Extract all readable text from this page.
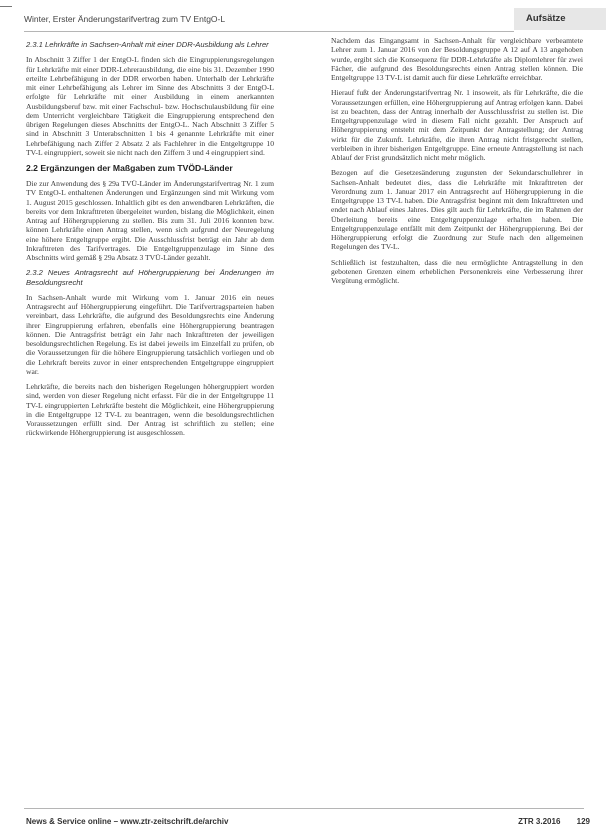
Winter, Erster Änderungstarifvertrag zum TV EntgO-L	Aufsätze
2.3.1 Lehrkräfte in Sachsen-Anhalt mit einer DDR-Ausbildung als Lehrer

In Abschnitt 3 Ziffer 1 der EntgO-L finden sich die Eingruppierungsregelungen für Lehrkräfte mit einer DDR-Lehrerausbildung, die eine bis 31. Dezember 1990 erteilte Lehrbefähigung in der DDR erworben haben. Unterhalb der Lehrkräfte mit einer Lehrbefähigung als Lehrer im Sinne des Abschnitts 3 der EntgO-L erfolgte für Lehrkräfte mit einer Ausbildung in einem anerkannten Ausbildungsberuf bzw. mit einer Fachschul- bzw. Hochschulausbildung für eine dem Unterricht vergleichbare Tätigkeit die Eingruppierung entsprechend den übrigen Regelungen dieses Abschnitts der EntgO-L. Nach Abschnitt 3 Ziffer 5 sind in Abschnitt 3 Unterabschnitten 1 bis 4 genannte Lehrkräfte mit einer Lehrbefähigung nach Ziffer 2 Absatz 2 als Fachlehrer in die Entgeltgruppe 10 TV-L eingruppiert, soweit sie nicht nach den Ziffern 3 und 4 eingruppiert sind.

2.2 Ergänzungen der Maßgaben zum TVÖD-Länder

Die zur Anwendung des § 29a TVÜ-Länder im Änderungstarifvertrag Nr. 1 zum TV EntgO-L enthaltenen Änderungen und Ergänzungen sind mit Wirkung vom 1. August 2015 geschlossen. Inhaltlich gibt es den anwendbaren Lehrkräften, die bereits vor dem Inkrafttreten übergeleitet wurden, bislang die Möglichkeit, einen Antrag auf Höhergruppierung zu stellen. Bis zum 31. Juli 2016 konnten bzw. können Lehrkräfte einen Antrag stellen, wenn sich aufgrund der Neuregelung eine höhere Entgeltgruppe ergibt. Die Ausschlussfrist beträgt ein Jahr ab dem Inkrafttreten des Tarifvertrages. Die Entgeltgruppenzulage im Sinne des Abschnitts wird gemäß § 29a Absatz 3 TVÜ-Länder gezahlt.

2.3.2 Neues Antragsrecht auf Höhergruppierung bei Änderungen im Besoldungsrecht

In Sachsen-Anhalt wurde mit Wirkung vom 1. Januar 2016 ein neues Antragsrecht auf Höhergruppierung eingeführt. Die Tarifvertragsparteien haben vereinbart, dass Lehrkräfte, die aufgrund des Besoldungsrechts eine Änderung ihrer Eingruppierung erfahren, ebenfalls eine Höhergruppierung beantragen können. Die Antragsfrist beträgt ein Jahr nach Inkrafttreten der jeweiligen besoldungsrechtlichen Regelung. Es ist dabei jeweils im Einzelfall zu prüfen, ob die Voraussetzungen für die höhere Eingruppierung tatsächlich vorliegen und ob die Lehrkraft bereits zuvor in einer entsprechenden Entgeltgruppe eingruppiert war.

Lehrkräfte, die bereits nach den bisherigen Regelungen höhergruppiert worden sind, werden von dieser Regelung nicht erfasst. Für die in der Entgeltgruppe 11 TV-L eingruppierten Lehrkräfte besteht die Möglichkeit, eine Höhergruppierung in die Entgeltgruppe 12 TV-L zu beantragen, wenn die besoldungsrechtlichen Voraussetzungen erfüllt sind. Der Antrag ist schriftlich zu stellen; eine rückwirkende Höhergruppierung ist ausgeschlossen.

Nachdem das Eingangsamt in Sachsen-Anhalt für vergleichbare verbeamtete Lehrer zum 1. Januar 2016 von der Besoldungsgruppe A 12 auf A 13 angehoben wurde, ergibt sich die Konsequenz für DDR-Lehrkräfte als Diplomlehrer für zwei Fächer, die aufgrund des Besoldungsrechts einen Antrag stellen können. Die Entgeltgruppe 13 TV-L ist damit auch für diese Lehrkräfte erreichbar.

Hierauf fußt der Änderungstarifvertrag Nr. 1 insoweit, als für Lehrkräfte, die die Voraussetzungen erfüllen, eine Höhergruppierung auf Antrag erfolgen kann. Dabei ist zu beachten, dass der Antrag innerhalb der Ausschlussfrist zu stellen ist. Die Entgeltgruppenzulage wird in diesem Fall nicht gezahlt. Der Anspruch auf Höhergruppierung entsteht mit dem Zeitpunkt der Antragstellung; der Antrag wirkt für die Zukunft. Lehrkräfte, die ihren Antrag nicht fristgerecht stellen, verbleiben in ihrer bisherigen Entgeltgruppe. Eine erneute Antragstellung ist nach Ablauf der Frist grundsätzlich nicht mehr möglich.

Bezogen auf die Gesetzesänderung zugunsten der Sekundarschullehrer in Sachsen-Anhalt bedeutet dies, dass die Lehrkräfte mit Inkrafttreten der Verordnung zum 1. Januar 2017 ein Antragsrecht auf Höhergruppierung in die Entgeltgruppe 13 TV-L haben. Die Antragsfrist beginnt mit dem Inkrafttreten und endet nach Ablauf eines Jahres. Dies gilt auch für Lehrkräfte, die im Rahmen der Überleitung bereits eine Entgeltgruppenzulage erhalten haben. Die Entgeltgruppenzulage entfällt mit dem Zeitpunkt der Höhergruppierung. Bei der Höhergruppierung erfolgt die Zuordnung zur Stufe nach den allgemeinen Regelungen des TV-L.

Schließlich ist festzuhalten, dass die neu ermöglichte Antragstellung in den gebotenen Grenzen einem erheblichen Personenkreis eine Verbesserung ihrer Vergütung ermöglicht.

News & Service online – www.ztr-zeitschrift.de/archiv	ZTR 3.2016 129
